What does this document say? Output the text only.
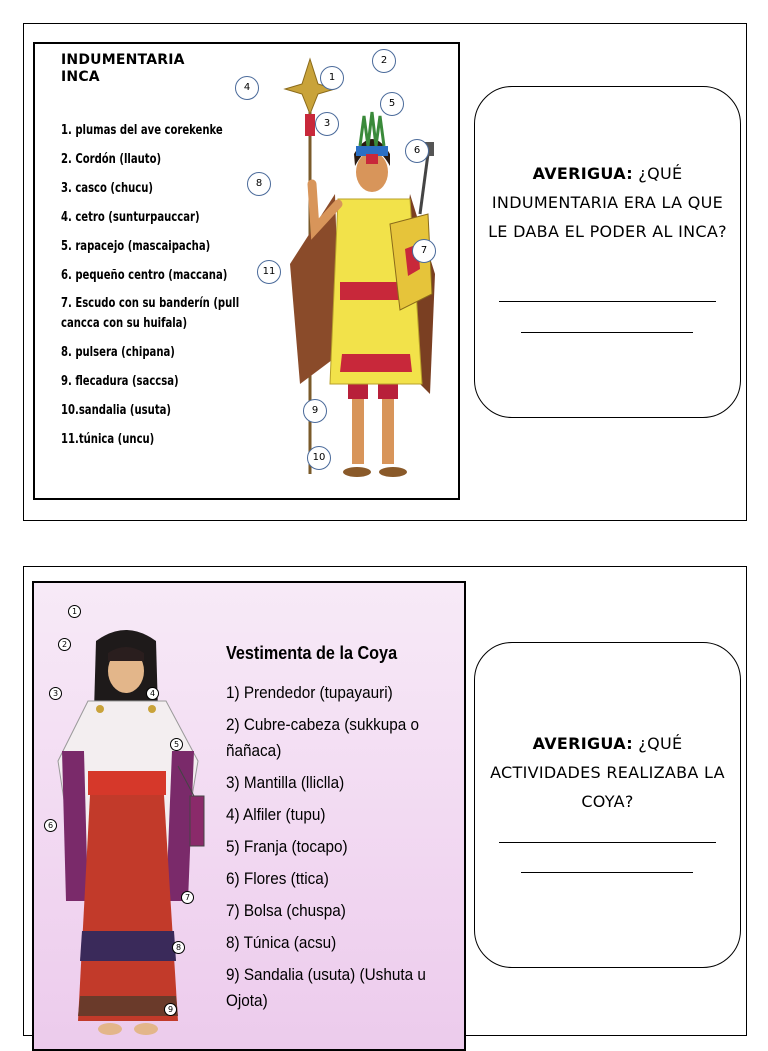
INDUMENTARIA
INCA
1. plumas del ave corekenke
2. Cordón (llauto)
3. casco (chucu)
4. cetro (sunturpauccar)
5. rapacejo (mascaipacha)
6. pequeño centro (maccana)
7. Escudo con su banderín (pull cancca con su huifala)
8. pulsera (chipana)
9. flecadura (saccsa)
10.sandalia (usuta)
11.túnica (uncu)
1
2
3
4
5
6
7
8
9
10
11
AVERIGUA: ¿QUÉ INDUMENTARIA ERA LA QUE LE DABA EL PODER AL INCA?
Vestimenta de la Coya
1) Prendedor (tupayauri)
2) Cubre-cabeza (sukkupa o ñañaca)
3) Mantilla (lliclla)
4) Alfiler (tupu)
5) Franja (tocapo)
6) Flores (ttica)
7) Bolsa (chuspa)
8) Túnica (acsu)
9) Sandalia (usuta) (Ushuta u Ojota)
1
2
3	4
5
6
7
8
9
AVERIGUA: ¿QUÉ ACTIVIDADES REALIZABA LA COYA?
